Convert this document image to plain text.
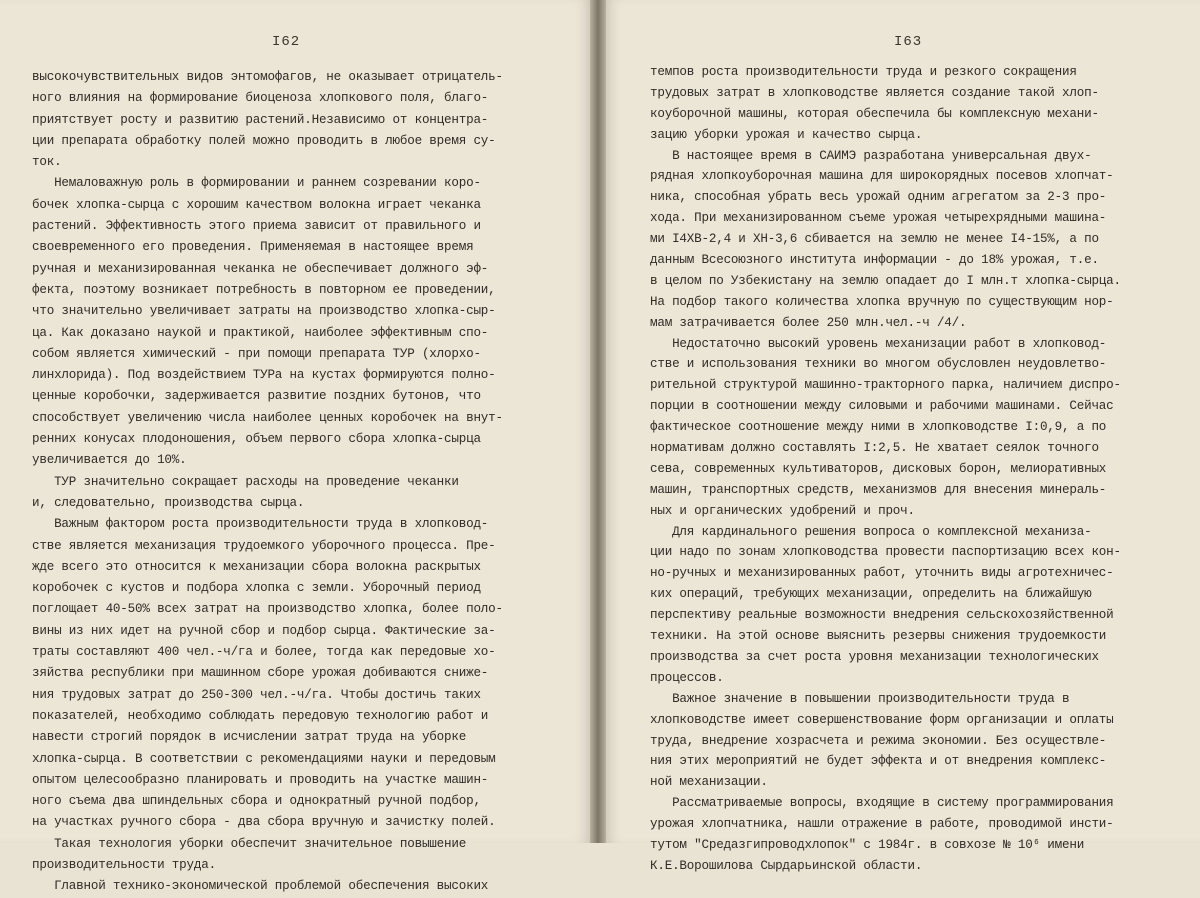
I62
высокочувствительных видов энтомофагов, не оказывает отрицатель-
ного влияния на формирование биоценоза хлопкового поля, благо-
приятствует росту и развитию растений.Независимо от концентра-
ции препарата обработку полей можно проводить в любое время су-
ток.
Немаловажную роль в формировании и раннем созревании коро-
бочек хлопка-сырца с хорошим качеством волокна играет чеканка
растений. Эффективность этого приема зависит от правильного и
своевременного его проведения. Применяемая в настоящее время
ручная и механизированная чеканка не обеспечивает должного эф-
фекта, поэтому возникает потребность в повторном ее проведении,
что значительно увеличивает затраты на производство хлопка-сыр-
ца. Как доказано наукой и практикой, наиболее эффективным спо-
собом является химический - при помощи препарата ТУР (хлорхо-
линхлорида). Под воздействием ТУРа на кустах формируются полно-
ценные коробочки, задерживается развитие поздних бутонов, что
способствует увеличению числа наиболее ценных коробочек на внут-
ренних конусах плодоношения, объем первого сбора хлопка-сырца
увеличивается до 10%.
ТУР значительно сокращает расходы на проведение чеканки
и, следовательно, производства сырца.
Важным фактором роста производительности труда в хлопковод-
стве является механизация трудоемкого уборочного процесса. Пре-
жде всего это относится к механизации сбора волокна раскрытых
коробочек с кустов и подбора хлопка с земли. Уборочный период
поглощает 40-50% всех затрат на производство хлопка, более поло-
вины из них идет на ручной сбор и подбор сырца. Фактические за-
траты составляют 400 чел.-ч/га и более, тогда как передовые хо-
зяйства республики при машинном сборе урожая добиваются сниже-
ния трудовых затрат до 250-300 чел.-ч/га. Чтобы достичь таких
показателей, необходимо соблюдать передовую технологию работ и
навести строгий порядок в исчислении затрат труда на уборке
хлопка-сырца. В соответствии с рекомендациями науки и передовым
опытом целесообразно планировать и проводить на участке машин-
ного съема два шпиндельных сбора и однократный ручной подбор,
на участках ручного сбора - два сбора вручную и зачистку полей.
Такая технология уборки обеспечит значительное повышение
производительности труда.
Главной технико-экономической проблемой обеспечения высоких
I63
темпов роста производительности труда и резкого сокращения
трудовых затрат в хлопководстве является создание такой хлоп-
коуборочной машины, которая обеспечила бы комплексную механи-
зацию уборки урожая и качество сырца.
В настоящее время в САИМЭ разработана универсальная двух-
рядная хлопкоуборочная машина для широкорядных посевов хлопчат-
ника, способная убрать весь урожай одним агрегатом за 2-3 про-
хода. При механизированном съеме урожая четырехрядными машина-
ми I4ХВ-2,4 и ХН-3,6 сбивается на землю не менее I4-15%, а по
данным Всесоюзного института информации - до 18% урожая, т.е.
в целом по Узбекистану на землю опадает до I млн.т хлопка-сырца.
На подбор такого количества хлопка вручную по существующим нор-
мам затрачивается более 250 млн.чел.-ч /4/.
Недостаточно высокий уровень механизации работ в хлопковод-
стве и использования техники во многом обусловлен неудовлетво-
рительной структурой машинно-тракторного парка, наличием диспро-
порции в соотношении между силовыми и рабочими машинами. Сейчас
фактическое соотношение между ними в хлопководстве I:0,9, а по
нормативам должно составлять I:2,5. Не хватает сеялок точного
сева, современных культиваторов, дисковых борон, мелиоративных
машин, транспортных средств, механизмов для внесения минераль-
ных и органических удобрений и проч.
Для кардинального решения вопроса о комплексной механиза-
ции надо по зонам хлопководства провести паспортизацию всех кон-
но-ручных и механизированных работ, уточнить виды агротехничес-
ких операций, требующих механизации, определить на ближайшую
перспективу реальные возможности внедрения сельскохозяйственной
техники. На этой основе выяснить резервы снижения трудоемкости
производства за счет роста уровня механизации технологических
процессов.
Важное значение в повышении производительности труда в
хлопководстве имеет совершенствование форм организации и оплаты
труда, внедрение хозрасчета и режима экономии. Без осуществле-
ния этих мероприятий не будет эффекта и от внедрения комплекс-
ной механизации.
Рассматриваемые вопросы, входящие в систему программирования
урожая хлопчатника, нашли отражение в работе, проводимой инсти-
тутом "Средазгипроводхлопок" с 1984г. в совхозе № 10⁶ имени
К.Е.Ворошилова Сырдарьинской области.
